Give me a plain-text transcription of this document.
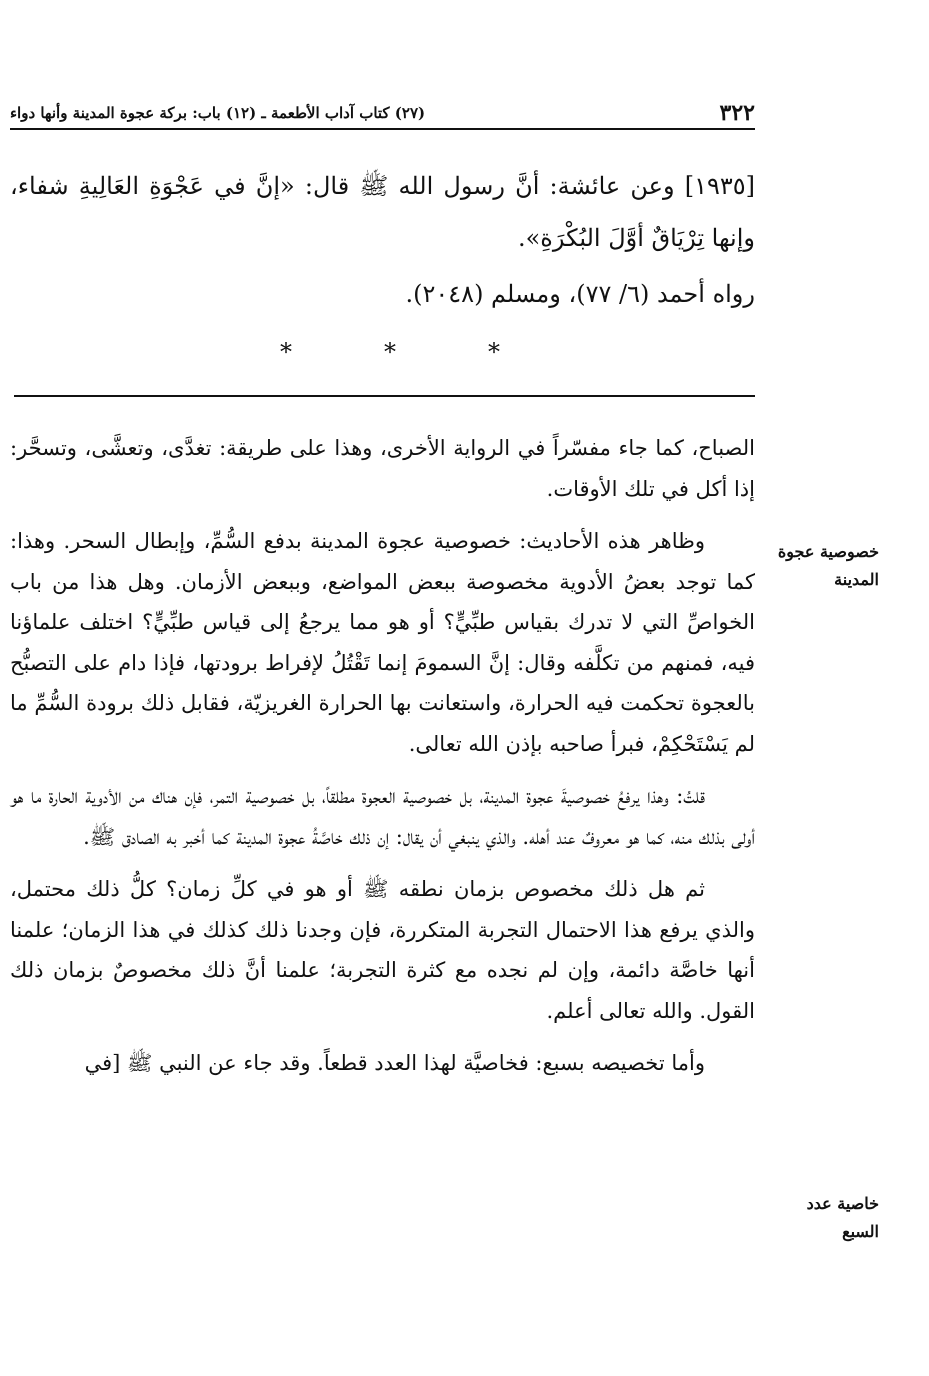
٣٢٢
(٢٧) كتاب آداب الأطعمة ـ (١٢) باب: بركة عجوة المدينة وأنها دواء
[١٩٣٥] وعن عائشة: أنَّ رسول الله ﷺ قال: «إنَّ في عَجْوَةِ العَالِيةِ شفاء، وإنها تِرْيَاقٌ أوَّلَ البُكْرَةِ».
رواه أحمد (٦/ ٧٧)، ومسلم (٢٠٤٨).
*
*
*

الصباح، كما جاء مفسّراً في الرواية الأخرى، وهذا على طريقة: تغدَّى، وتعشَّى، وتسحَّر: إذا أكل في تلك الأوقات.

وظاهر هذه الأحاديث: خصوصية عجوة المدينة بدفع السُّمِّ، وإبطال السحر. وهذا: كما توجد بعضُ الأدوية مخصوصة ببعض المواضع، وببعض الأزمان. وهل هذا من باب الخواصِّ التي لا تدرك بقياس طبِّيٍّ؟ أو هو مما يرجعُ إلى قياس طبِّيٍّ؟ اختلف علماؤنا فيه، فمنهم من تكلَّفه وقال: إنَّ السمومَ إنما تَقْتُلُ لإفراط برودتها، فإذا دام على التصبُّح بالعجوة تحكمت فيه الحرارة، واستعانت بها الحرارة الغريزيّة، فقابل ذلك برودة السُّمِّ ما لم يَسْتَحْكِمْ، فبرأ صاحبه بإذن الله تعالى.

قلتُ: وهذا يرفعُ خصوصيةَ عجوة المدينة، بل خصوصية العجوة مطلقاً، بل خصوصية التمر، فإن هناك من الأدوية الحارة ما هو أولى بذلك منه، كما هو معروفٌ عند أهله. والذي ينبغي أن يقال: إن ذلك خاصَّةُ عجوة المدينة كما أخبر به الصادق ﷺ.

ثم هل ذلك مخصوص بزمان نطقه ﷺ أو هو في كلِّ زمان؟ كلُّ ذلك محتمل، والذي يرفع هذا الاحتمال التجربة المتكررة، فإن وجدنا ذلك كذلك في هذا الزمان؛ علمنا أنها خاصَّة دائمة، وإن لم نجده مع كثرة التجربة؛ علمنا أنَّ ذلك مخصوصٌ بزمان ذلك القول. والله تعالى أعلم.

وأما تخصيصه بسبع: فخاصيَّة لهذا العدد قطعاً. وقد جاء عن النبي ﷺ [في

خصوصية عجوة المدينة
خاصية عدد السبع
